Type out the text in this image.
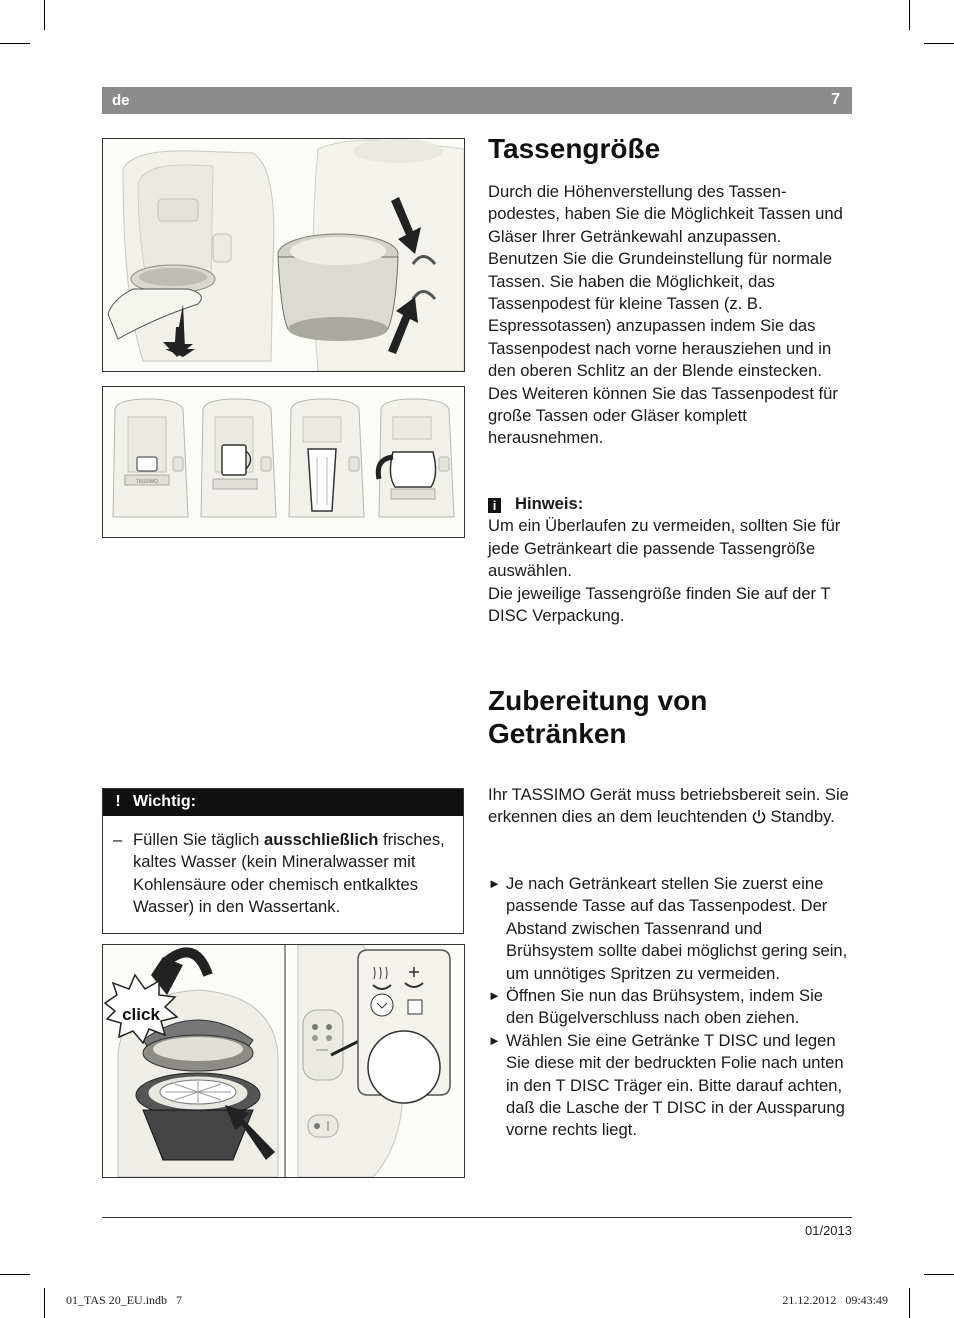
de	7
TASSIMO
Tassengröße
Durch die Höhenverstellung des Tassenpodestes, haben Sie die Möglichkeit Tassen und Gläser Ihrer Getränkewahl anzupassen. Benutzen Sie die Grundeinstellung für normale Tassen. Sie haben die Möglichkeit, das Tassenpodest für kleine Tassen (z. B. Espressotassen) anzupassen indem Sie das Tassenpodest nach vorne herausziehen und in den oberen Schlitz an der Blende einstecken. Des Weiteren können Sie das Tassenpodest für große Tassen oder Gläser komplett herausnehmen.

i Hinweis:

Um ein Überlaufen zu vermeiden, sollten Sie für jede Getränkeart die passende Tassengröße auswählen.

Die jeweilige Tassengröße finden Sie auf der T DISC Verpackung.

Zubereitung von
Getränken
Ihr TASSIMO Gerät muss betriebsbereit sein. Sie erkennen dies an dem leuchtenden Standby.
► Je nach Getränkeart stellen Sie zuerst eine passende Tasse auf das Tassenpodest. Der Abstand zwischen Tassenrand und Brühsystem sollte dabei möglichst gering sein, um unnötiges Spritzen zu vermeiden.
► Öffnen Sie nun das Brühsystem, indem Sie den Bügelverschluss nach oben ziehen.
► Wählen Sie eine Getränke T DISC und legen Sie diese mit der bedruckten Folie nach unten in den T DISC Träger ein. Bitte darauf achten, daß die Lasche der T DISC in der Aussparung vorne rechts liegt.
! Wichtig:
– Füllen Sie täglich ausschließlich frisches, kaltes Wasser (kein Mineralwasser mit Kohlensäure oder chemisch entkalktes Wasser) in den Wassertank.
click
01/2013
01_TAS 20_EU.indb   7	21.12.2012   09:43:49
